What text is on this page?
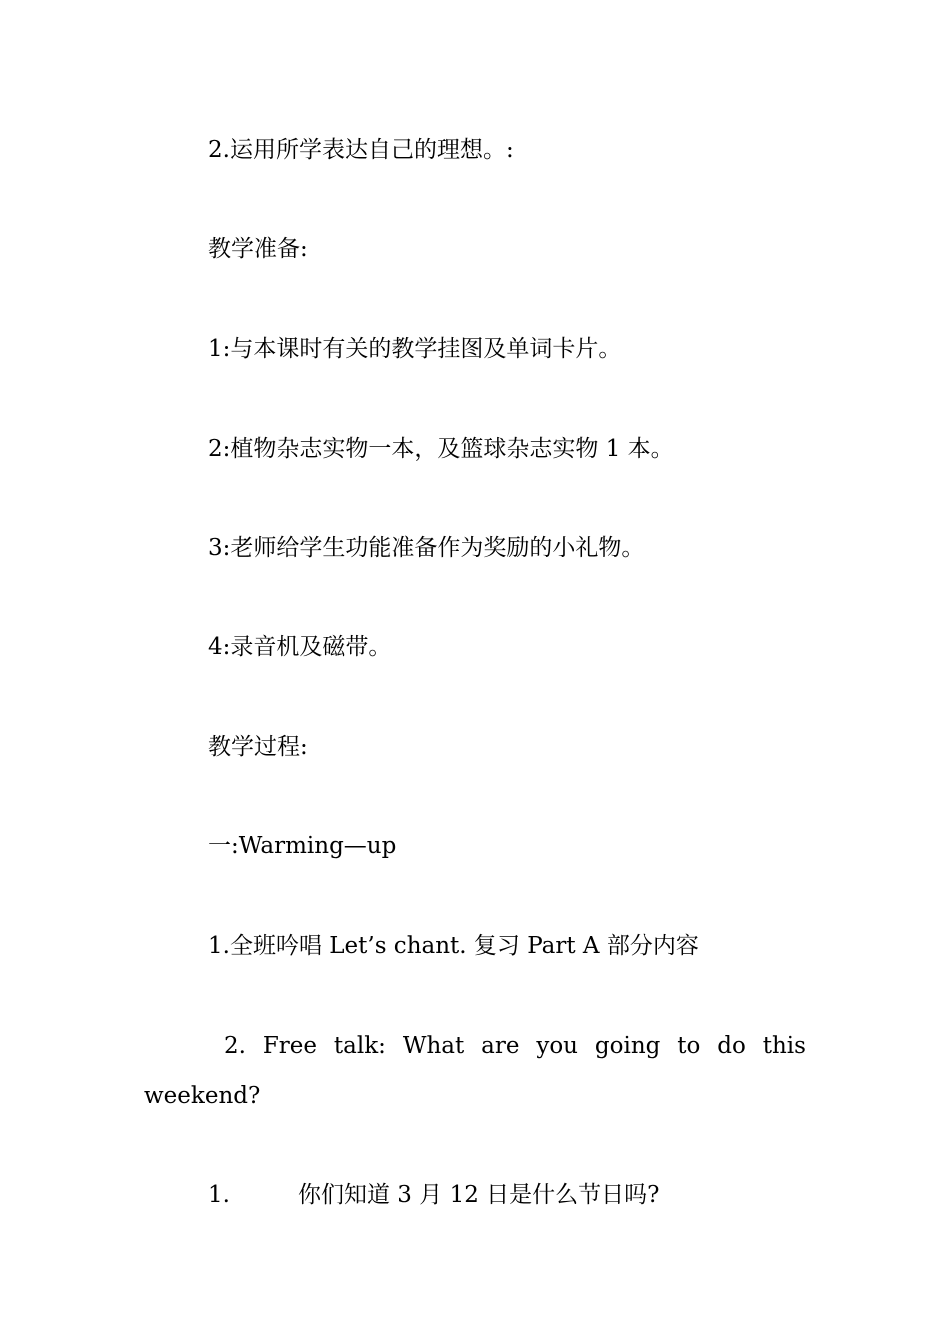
2.运用所学表达自己的理想。:
教学准备:
1:与本课时有关的教学挂图及单词卡片。
2:植物杂志实物一本，及篮球杂志实物 1 本。
3:老师给学生功能准备作为奖励的小礼物。
4:录音机及磁带。
教学过程:
一:Warming—up
1.全班吟唱 Let’s chant. 复习 Part A 部分内容
2. Free talk: What are you going to do this
weekend?
1.	你们知道 3 月 12 日是什么节日吗?
